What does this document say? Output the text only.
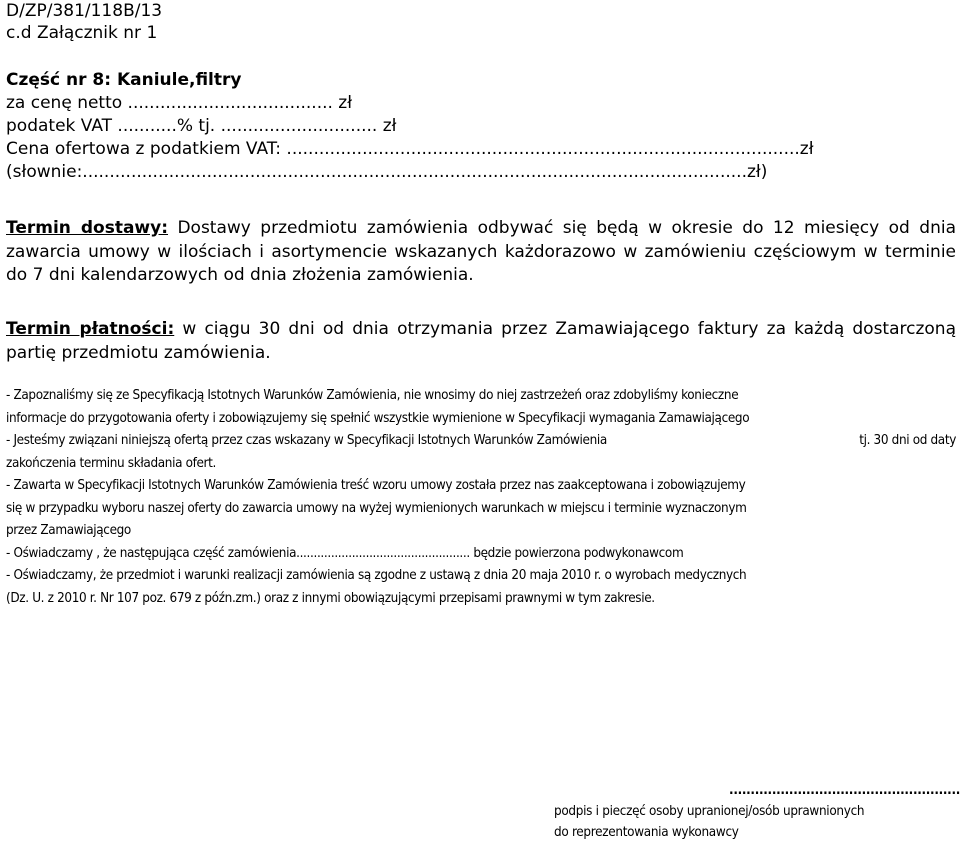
D/ZP/381/118B/13
c.d Załącznik nr 1
Część nr 8: Kaniule,filtry
za cenę netto ...................................... zł
podatek VAT ...........% tj. ............................. zł
Cena ofertowa z podatkiem VAT: ...............................................................................................zł
(słownie:...........................................................................................................................zł)
Termin dostawy: Dostawy przedmiotu zamówienia odbywać się będą w okresie do 12 miesięcy od dnia zawarcia umowy w ilościach i asortymencie wskazanych każdorazowo w zamówieniu częściowym w terminie do 7 dni kalendarzowych od dnia złożenia zamówienia.
Termin płatności: w ciągu 30 dni od dnia otrzymania przez Zamawiającego faktury za każdą dostarczoną partię przedmiotu zamówienia.
- Zapoznaliśmy się ze Specyfikacją Istotnych Warunków Zamówienia, nie wnosimy do niej zastrzeżeń oraz zdobyliśmy konieczne
informacje do przygotowania oferty i zobowiązujemy się spełnić wszystkie wymienione w Specyfikacji wymagania Zamawiającego
- Jesteśmy związani niniejszą ofertą przez czas wskazany w Specyfikacji Istotnych Warunków Zamówienia	tj. 30 dni od daty
zakończenia terminu składania ofert.
- Zawarta w Specyfikacji Istotnych Warunków Zamówienia treść wzoru umowy została przez nas zaakceptowana i zobowiązujemy
się w przypadku wyboru naszej oferty do zawarcia umowy na wyżej wymienionych warunkach w miejscu i terminie wyznaczonym
przez Zamawiającego
- Oświadczamy , że następująca część zamówienia.................................................. będzie powierzona podwykonawcom
- Oświadczamy, że przedmiot i warunki realizacji zamówienia są zgodne z ustawą z dnia 20 maja 2010 r. o wyrobach medycznych
(Dz. U. z 2010 r. Nr 107 poz. 679 z późn.zm.) oraz z innymi obowiązującymi przepisami prawnymi w tym zakresie.
......................................................
podpis i pieczęć osoby upranionej/osób uprawnionych
do reprezentowania wykonawcy
